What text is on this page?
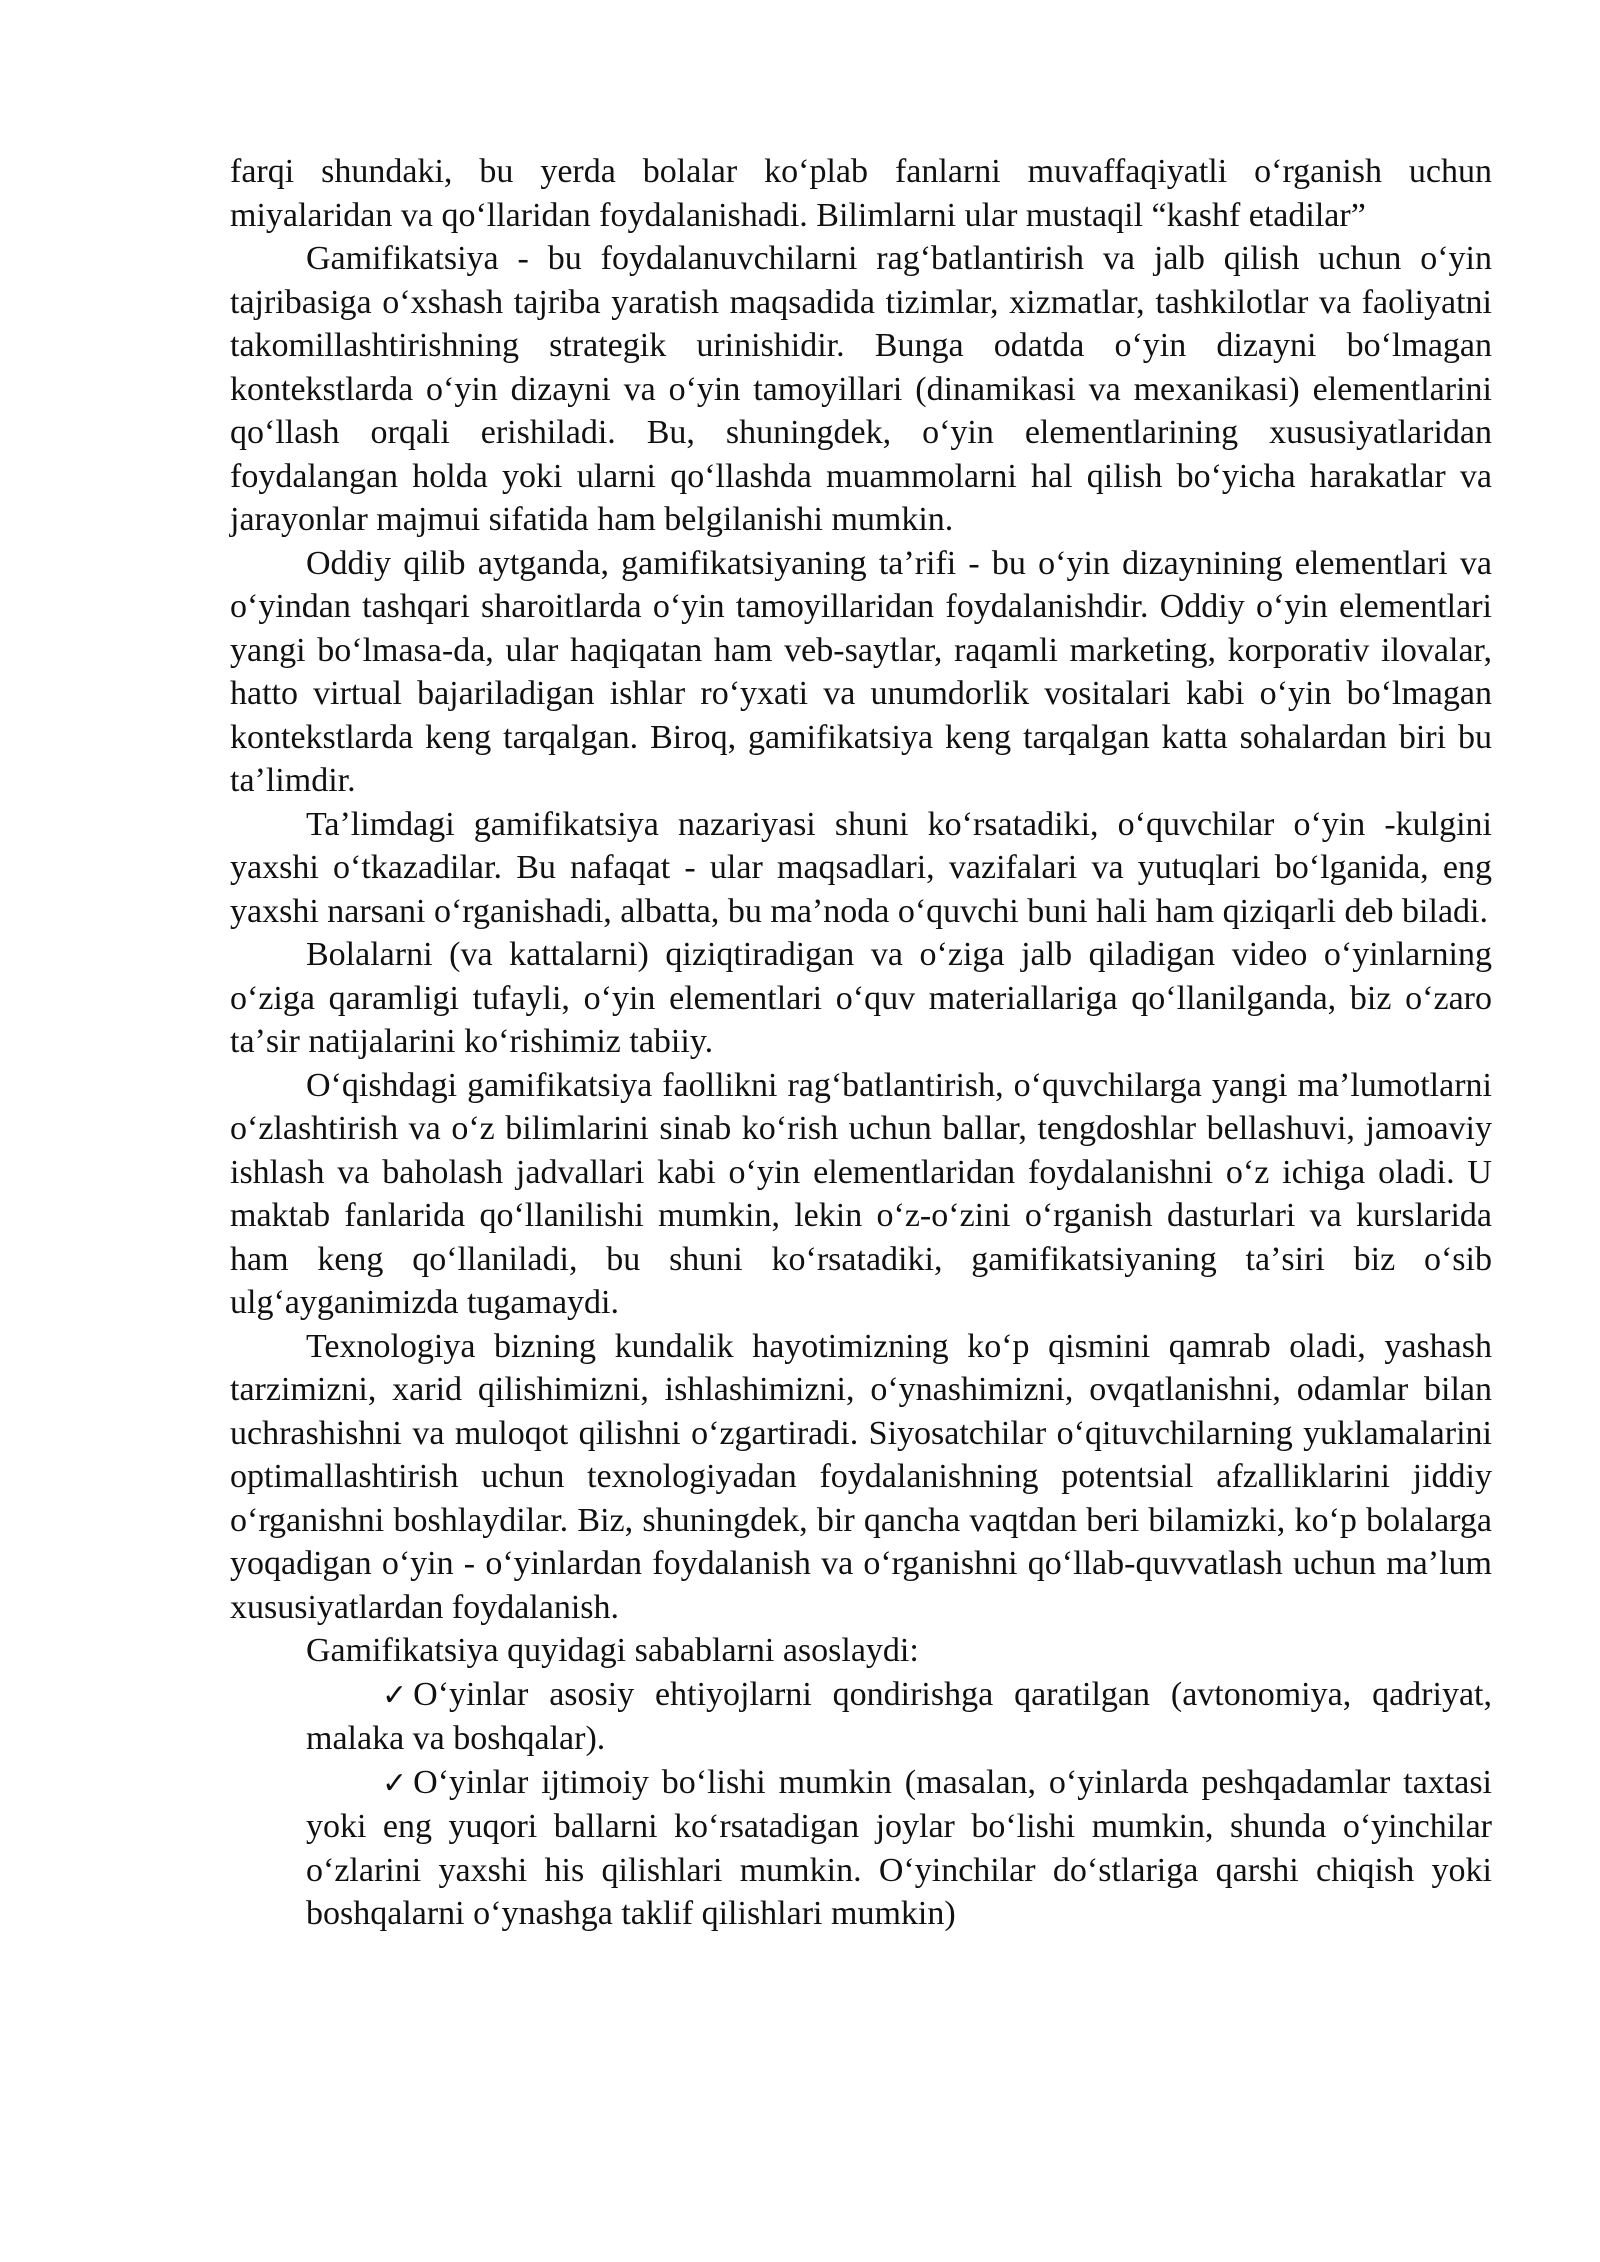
farqi shundaki, bu yerda bolalar koʻplab fanlarni muvaffaqiyatli oʻrganish uchun miyalaridan va qoʻllaridan foydalanishadi. Bilimlarni ular mustaqil “kashf etadilar”

Gamifikatsiya - bu foydalanuvchilarni ragʻbatlantirish va jalb qilish uchun oʻyin tajribasiga oʻxshash tajriba yaratish maqsadida tizimlar, xizmatlar, tashkilotlar va faoliyatni takomillashtirishning strategik urinishidir. Bunga odatda oʻyin dizayni boʻlmagan kontekstlarda oʻyin dizayni va oʻyin tamoyillari (dinamikasi va mexanikasi) elementlarini qoʻllash orqali erishiladi. Bu, shuningdek, oʻyin elementlarining xususiyatlaridan foydalangan holda yoki ularni qoʻllashda muammolarni hal qilish boʻyicha harakatlar va jarayonlar majmui sifatida ham belgilanishi mumkin.

Oddiy qilib aytganda, gamifikatsiyaning taʼrifi - bu oʻyin dizaynining elementlari va oʻyindan tashqari sharoitlarda oʻyin tamoyillaridan foydalanishdir. Oddiy oʻyin elementlari yangi boʻlmasa-da, ular haqiqatan ham veb-saytlar, raqamli marketing, korporativ ilovalar, hatto virtual bajariladigan ishlar roʻyxati va unumdorlik vositalari kabi oʻyin boʻlmagan kontekstlarda keng tarqalgan. Biroq, gamifikatsiya keng tarqalgan katta sohalardan biri bu taʼlimdir.

Taʼlimdagi gamifikatsiya nazariyasi shuni koʻrsatadiki, oʻquvchilar oʻyin -kulgini yaxshi oʻtkazadilar. Bu nafaqat - ular maqsadlari, vazifalari va yutuqlari boʻlganida, eng yaxshi narsani oʻrganishadi, albatta, bu maʼnoda oʻquvchi buni hali ham qiziqarli deb biladi.

Bolalarni (va kattalarni) qiziqtiradigan va oʻziga jalb qiladigan video oʻyinlarning oʻziga qaramligi tufayli, oʻyin elementlari oʻquv materiallariga qoʻllanilganda, biz oʻzaro taʼsir natijalarini koʻrishimiz tabiiy.

Oʻqishdagi gamifikatsiya faollikni ragʻbatlantirish, oʻquvchilarga yangi maʼlumotlarni oʻzlashtirish va oʻz bilimlarini sinab koʻrish uchun ballar, tengdoshlar bellashuvi, jamoaviy ishlash va baholash jadvallari kabi oʻyin elementlaridan foydalanishni oʻz ichiga oladi. U maktab fanlarida qoʻllanilishi mumkin, lekin oʻz-oʻzini oʻrganish dasturlari va kurslarida ham keng qoʻllaniladi, bu shuni koʻrsatadiki, gamifikatsiyaning taʼsiri biz oʻsib ulgʻayganimizda tugamaydi.

Texnologiya bizning kundalik hayotimizning koʻp qismini qamrab oladi, yashash tarzimizni, xarid qilishimizni, ishlashimizni, oʻynashimizni, ovqatlanishni, odamlar bilan uchrashishni va muloqot qilishni oʻzgartiradi. Siyosatchilar oʻqituvchilarning yuklamalarini optimallashtirish uchun texnologiyadan foydalanishning potentsial afzalliklarini jiddiy oʻrganishni boshlaydilar. Biz, shuningdek, bir qancha vaqtdan beri bilamizki, koʻp bolalarga yoqadigan oʻyin - oʻyinlardan foydalanish va oʻrganishni qoʻllab-quvvatlash uchun maʼlum xususiyatlardan foydalanish.

Gamifikatsiya quyidagi sabablarni asoslaydi:

✓ Oʻyinlar asosiy ehtiyojlarni qondirishga qaratilgan (avtonomiya, qadriyat, malaka va boshqalar).

✓ Oʻyinlar ijtimoiy boʻlishi mumkin (masalan, oʻyinlarda peshqadamlar taxtasi yoki eng yuqori ballarni koʻrsatadigan joylar boʻlishi mumkin, shunda oʻyinchilar oʻzlarini yaxshi his qilishlari mumkin. Oʻyinchilar doʻstlariga qarshi chiqish yoki boshqalarni oʻynashga taklif qilishlari mumkin)
